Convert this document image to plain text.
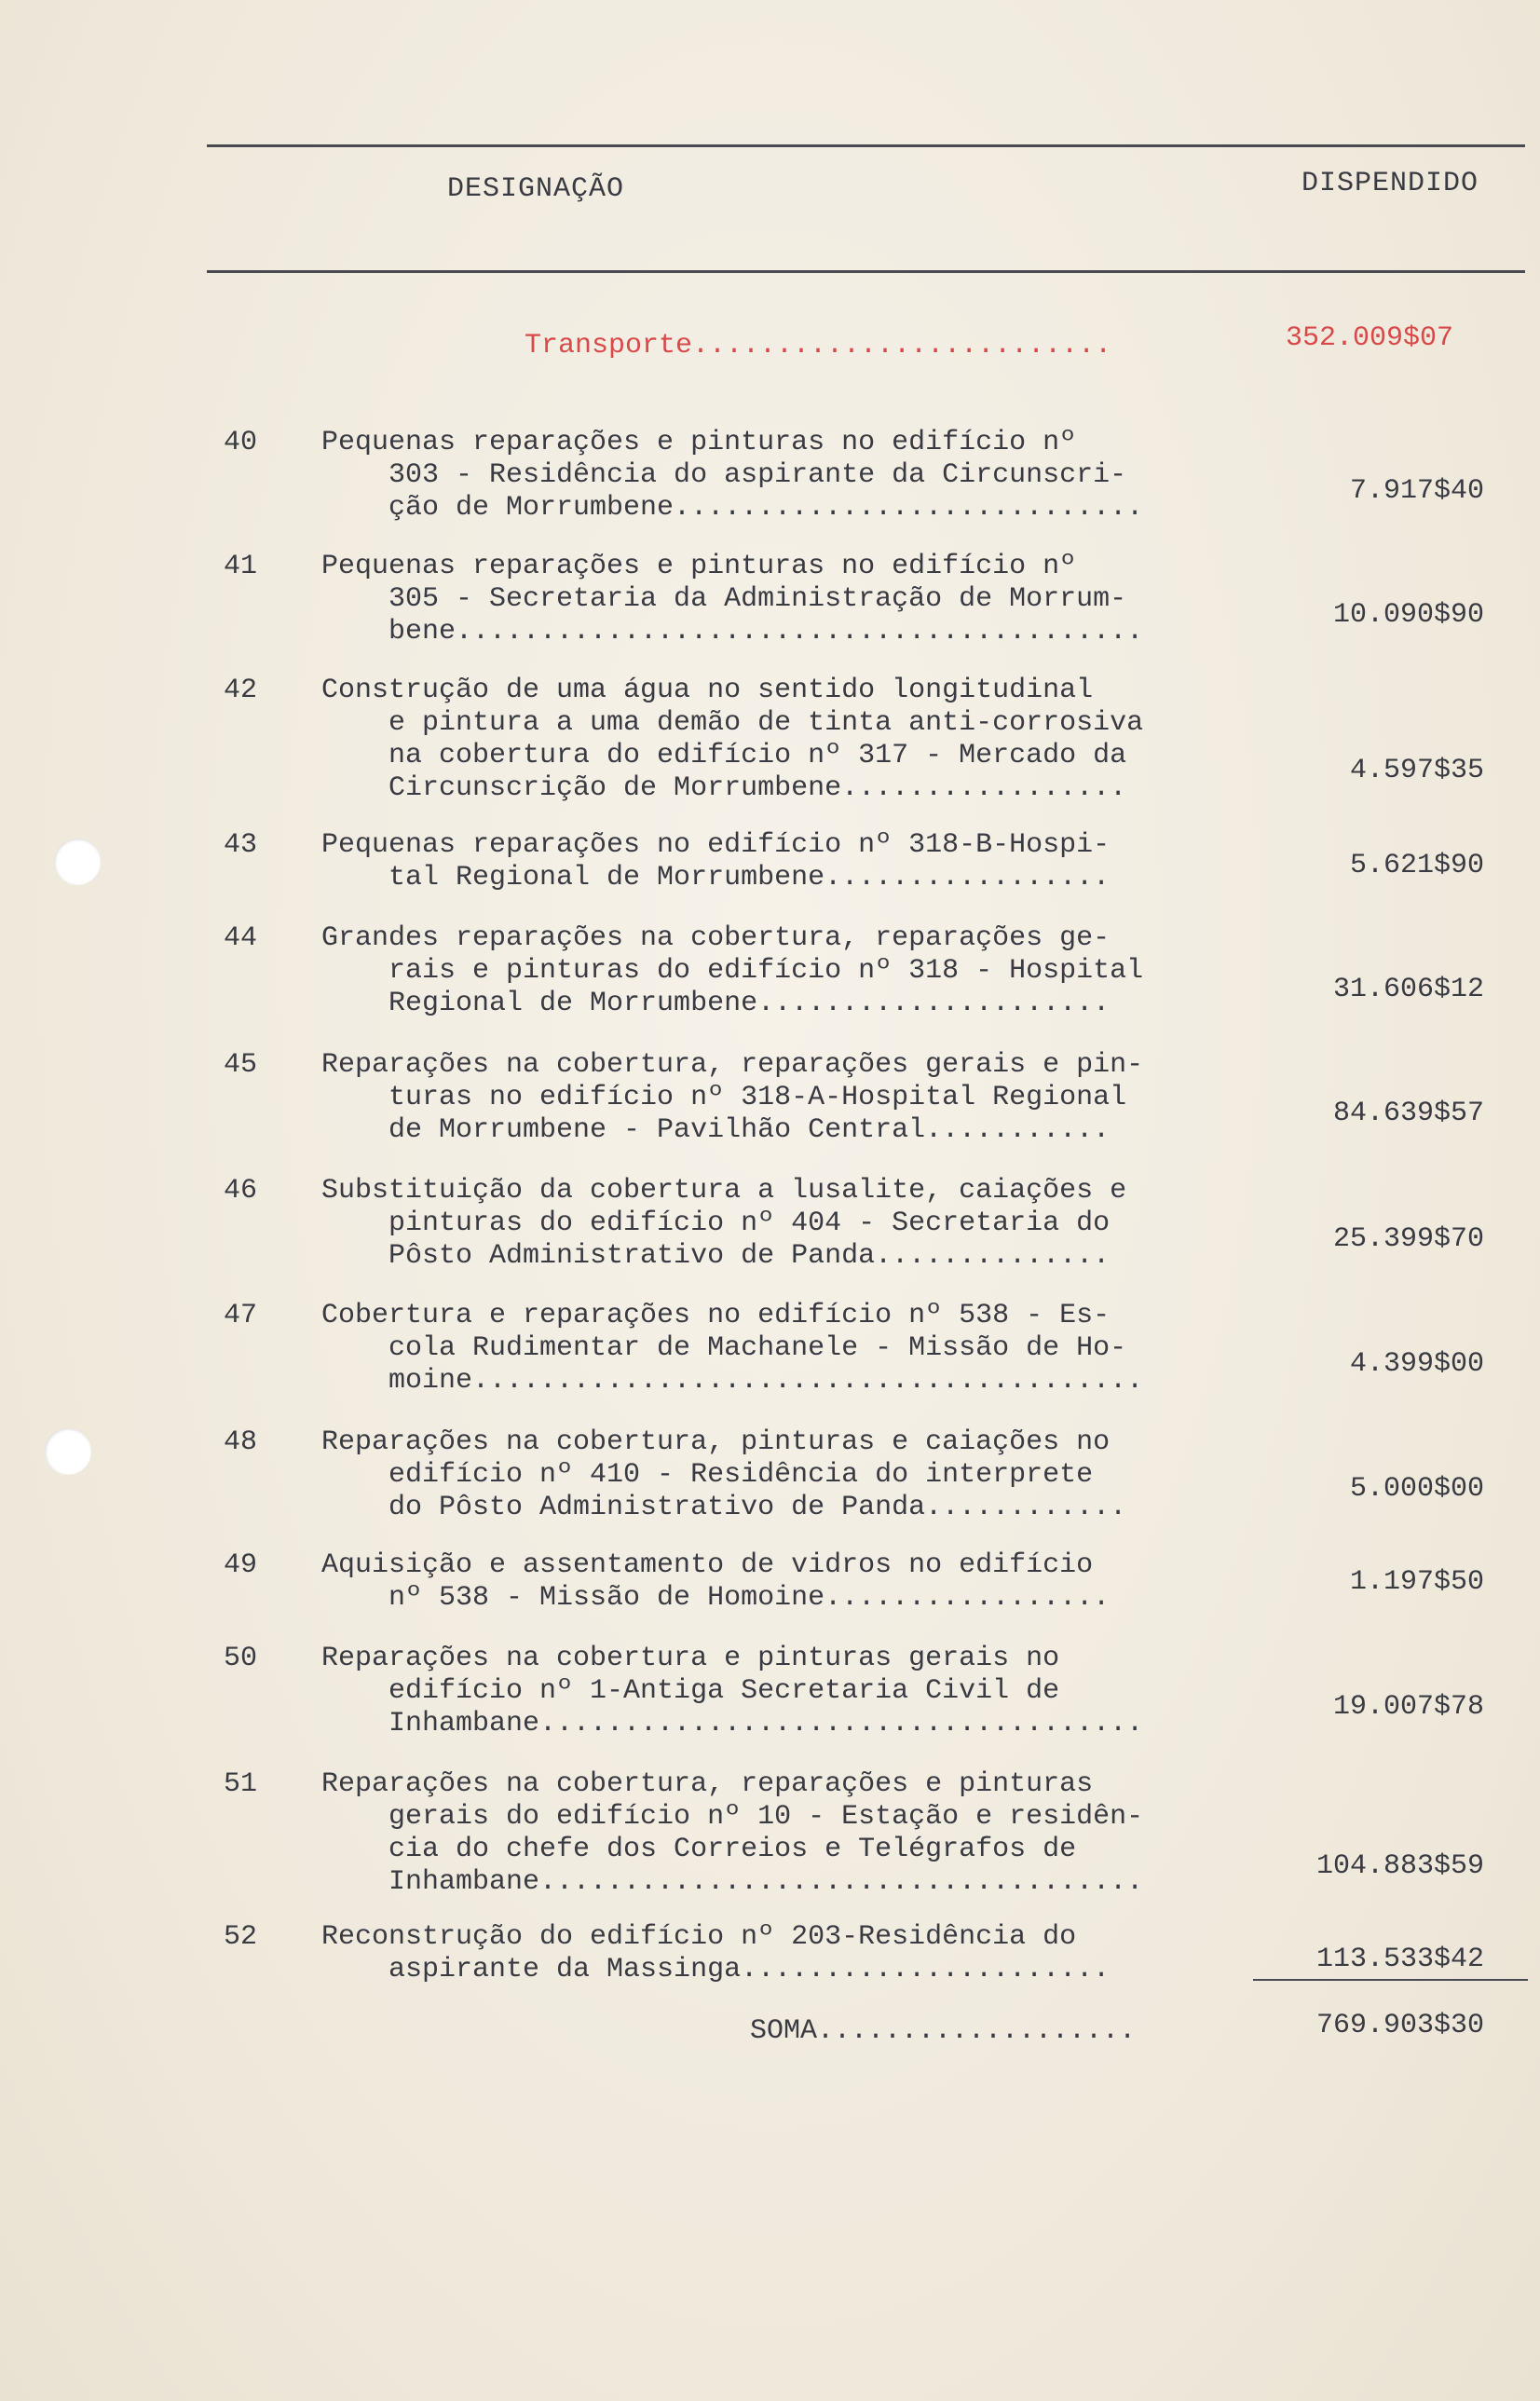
DESIGNAÇÃO	DISPENDIDO
Transporte.........................	352.009$07
40	Pequenas reparações e pinturas no edifício nº
303 - Residência do aspirante da Circunscri-
ção de Morrumbene............................
7.917$40
41	Pequenas reparações e pinturas no edifício nº
305 - Secretaria da Administração de Morrum-
bene.........................................
10.090$90
42	Construção de uma água no sentido longitudinal
e pintura a uma demão de tinta anti-corrosiva
na cobertura do edifício nº 317 - Mercado da
Circunscrição de Morrumbene.................
4.597$35
43	Pequenas reparações no edifício nº 318-B-Hospi-
tal Regional de Morrumbene.................	5.621$90
44	Grandes reparações na cobertura, reparações ge-
rais e pinturas do edifício nº 318 - Hospital
Regional de Morrumbene.....................	31.606$12
45	Reparações na cobertura, reparações gerais e pin-
turas no edifício nº 318-A-Hospital Regional
de Morrumbene - Pavilhão Central...........
84.639$57
46	Substituição da cobertura a lusalite, caiações e
pinturas do edifício nº 404 - Secretaria do
Pôsto Administrativo de Panda..............
25.399$70
47	Cobertura e reparações no edifício nº 538 - Es-
cola Rudimentar de Machanele - Missão de Ho-
moine........................................
4.399$00
48	Reparações na cobertura, pinturas e caiações no
edifício nº 410 - Residência do interprete
do Pôsto Administrativo de Panda............
5.000$00
49	Aquisição e assentamento de vidros no edifício
nº 538 - Missão de Homoine.................	1.197$50
50	Reparações na cobertura e pinturas gerais no
edifício nº 1-Antiga Secretaria Civil de
Inhambane....................................
19.007$78
51	Reparações na cobertura, reparações e pinturas
gerais do edifício nº 10 - Estação e residên-
cia do chefe dos Correios e Telégrafos de
Inhambane....................................	104.883$59
52	Reconstrução do edifício nº 203-Residência do
aspirante da Massinga......................	113.533$42
SOMA...................	769.903$30
